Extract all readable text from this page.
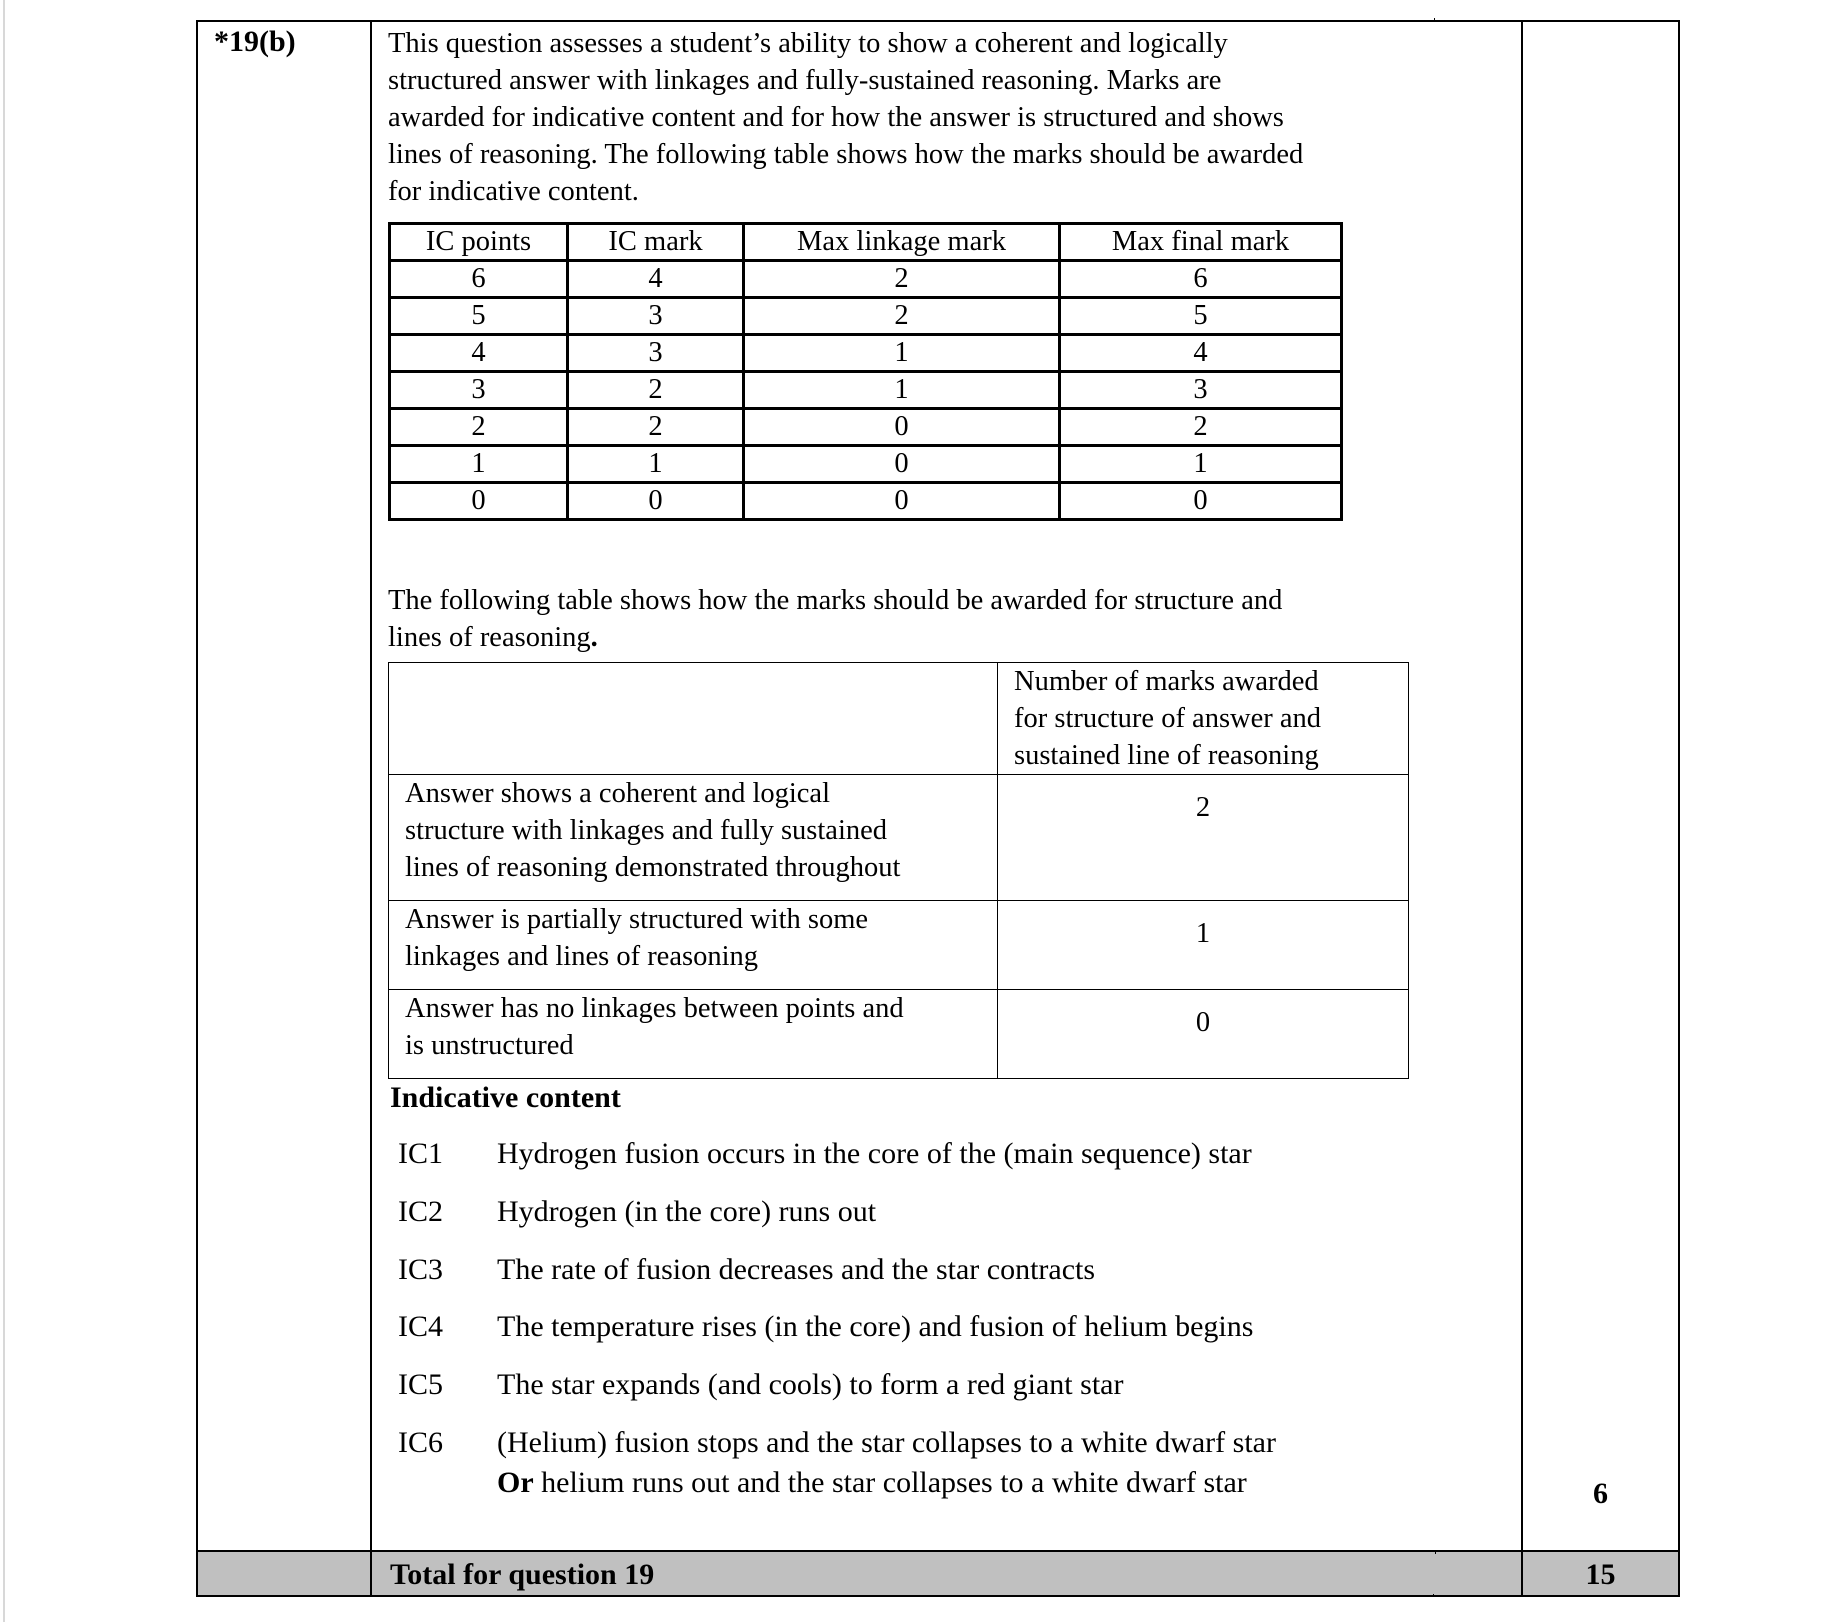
*19(b)	This question assesses a student’s ability to show a coherent and logically
structured answer with linkages and fully-sustained reasoning. Marks are
awarded for indicative content and for how the answer is structured and shows
lines of reasoning. The following table shows how the marks should be awarded
for indicative content.
IC points	IC mark	Max linkage mark	Max final mark
6	4	2	6
5	3	2	5
4	3	1	4
3	2	1	3
2	2	0	2
1	1	0	1
0	0	0	0
The following table shows how the marks should be awarded for structure and
lines of reasoning.

	Number of marks awarded
for structure of answer and
sustained line of reasoning

Answer shows a coherent and logical
structure with linkages and fully sustained
lines of reasoning demonstrated throughout	2

Answer is partially structured with some
linkages and lines of reasoning	1

Answer has no linkages between points and
is unstructured	0
Indicative content
IC1	Hydrogen fusion occurs in the core of the (main sequence) star
IC2	Hydrogen (in the core) runs out
IC3	The rate of fusion decreases and the star contracts
IC4	The temperature rises (in the core) and fusion of helium begins
IC5	The star expands (and cools) to form a red giant star
IC6	(Helium) fusion stops and the star collapses to a white dwarf star
Or helium runs out and the star collapses to a white dwarf star	6
Total for question 19	15
